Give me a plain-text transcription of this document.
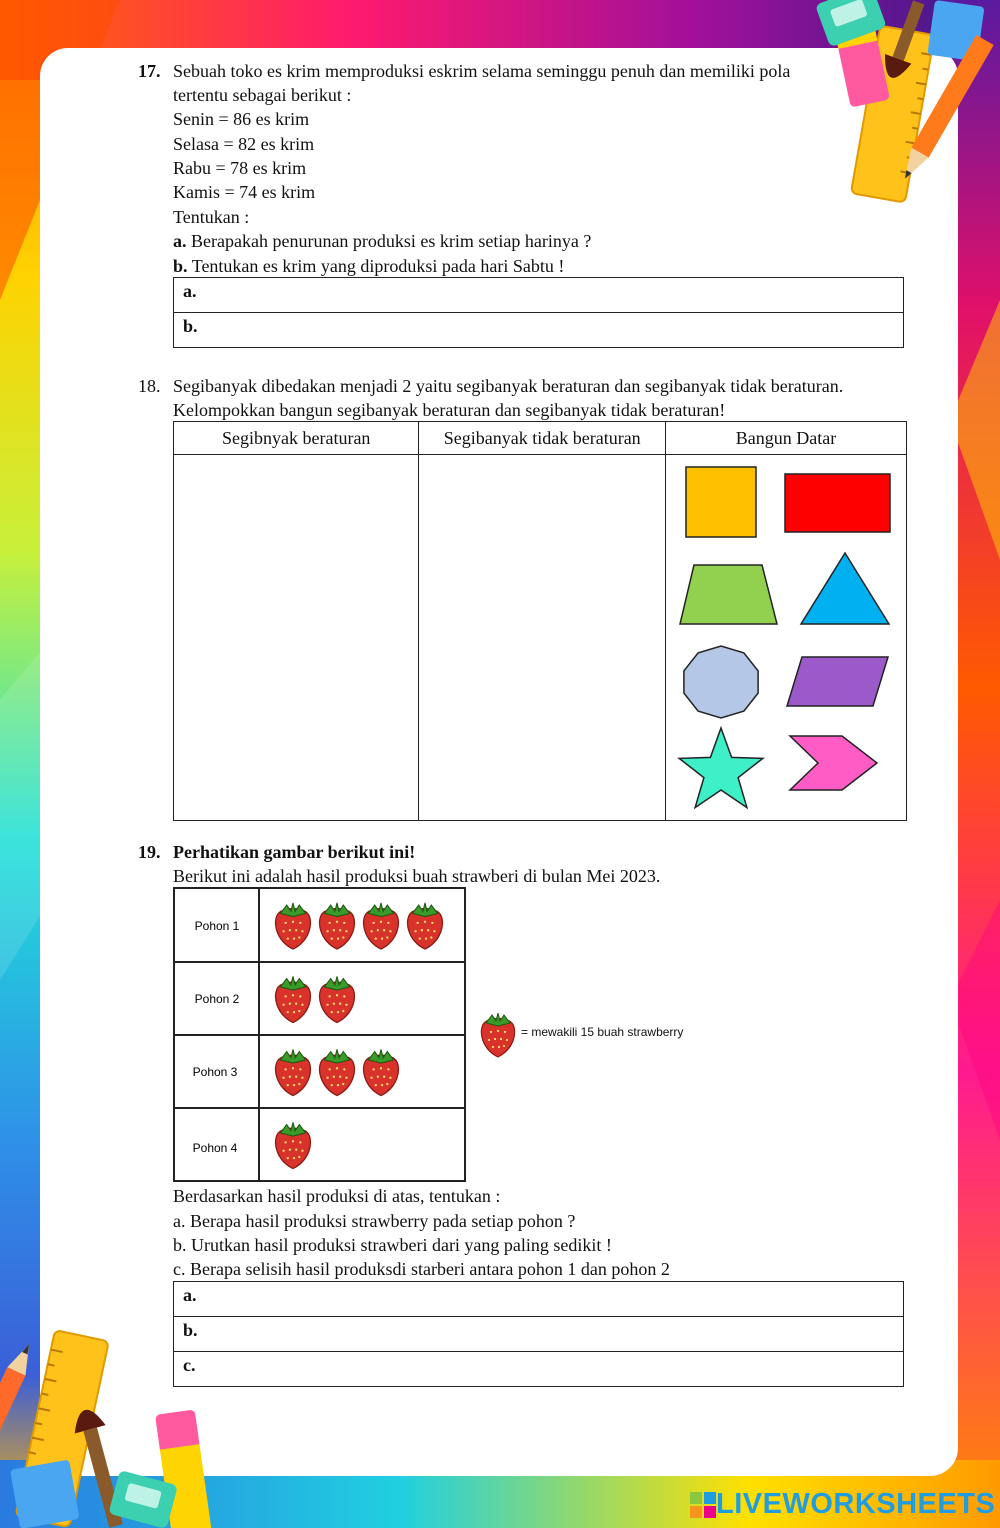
17. Sebuah toko es krim memproduksi eskrim selama seminggu penuh dan memiliki pola
tertentu sebagai berikut :
Senin = 86 es krim
Selasa = 82 es krim
Rabu = 78 es krim
Kamis = 74 es krim
Tentukan :
a. Berapakah penurunan produksi es krim setiap harinya ?
b. Tentukan es krim yang diproduksi pada hari Sabtu !
a.
b.
18. Segibanyak dibedakan menjadi 2 yaitu segibanyak beraturan dan segibanyak tidak beraturan.
Kelompokkan bangun segibanyak beraturan dan segibanyak tidak beraturan!
Segibnyak beraturan	Segibanyak tidak beraturan	Bangun Datar

19. Perhatikan gambar berikut ini!
Berikut ini adalah hasil produksi buah strawberi di bulan Mei 2023.
Pohon 1
Pohon 2
Pohon 3
Pohon 4
= mewakili 15 buah strawberry
Berdasarkan hasil produksi di atas, tentukan :
a. Berapa hasil produksi strawberry pada setiap pohon ?
b. Urutkan hasil produksi strawberi dari yang paling sedikit !
c. Berapa selisih hasil produksdi starberi antara pohon 1 dan pohon 2
a.
b.
c.
LIVEWORKSHEETS
